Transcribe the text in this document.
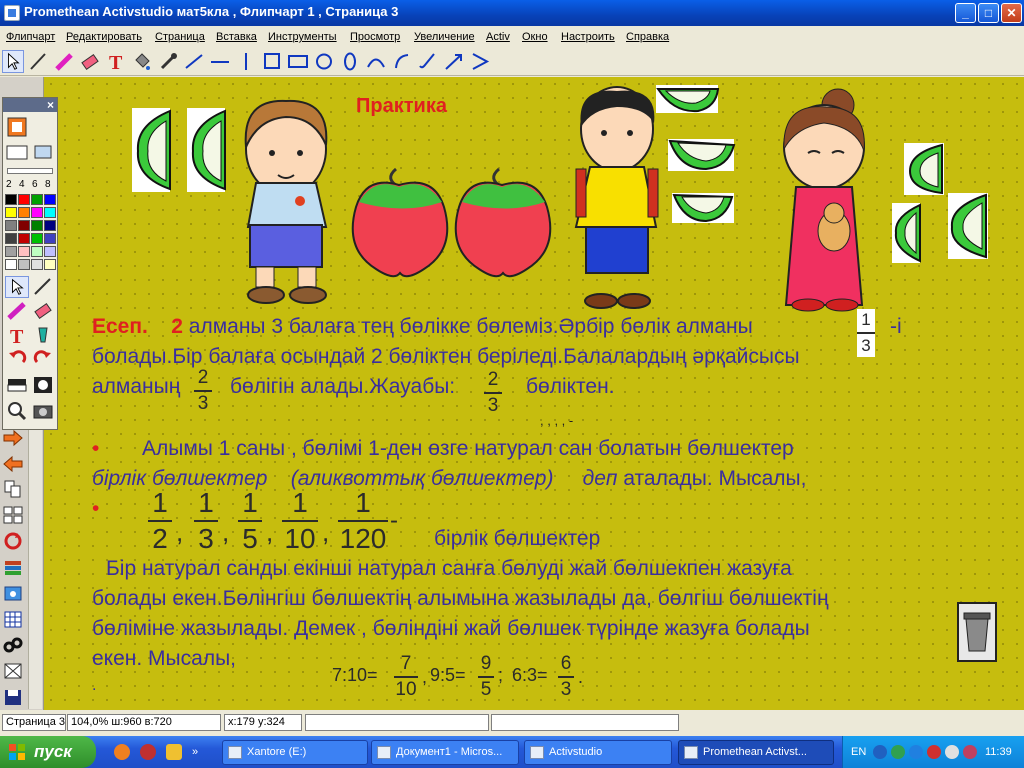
Promethean Activstudio мат5кла , Флипчарт 1 , Страница 3	_	□	✕
Флипчарт Редактировать Страница Вставка Инструменты Просмотр Увеличение Activ Окно Настроить Справка
T
Практика
Есеп. 2 алманы 3 балаға тең бөлікке бөлеміз.Әрбір бөлік алманы	1
3
-і
болады.Бір балаға осындай 2 бөліктен беріледі.Балалардың әрқайсысы
алманың 2
3
бөлігін алады.Жауабы: 2
3
бөліктен.
, , , , -
• Алымы 1 саны , бөлімі 1-ден өзге натурал сан болатын бөлшектер
бірлік бөлшектер (аликвоттық бөлшектер) деп аталады. Мысалы,
• 1
2 ,
1
3 ,
1
5 ,
1
10 ,
1
120
-
бірлік бөлшектер
Бір натурал санды екінші натурал санға бөлуді жай бөлшекпен жазуға
болады екен.Бөлінгіш бөлшектің алымына жазылады да, бөлгіш бөлшектің
бөліміне жазылады. Демек , бөліндіні жай бөлшек түрінде жазуға болады
екен. Мысалы,
.
7:10=
7
10
, 9:5=
9
5
; 6:3=
6
3
.
×
2 4 6 8
T
Страница 3 104,0% ш:960 в:720	x:179 y:324
пуск	»	Xantore (E:)	Документ1 - Micros...	Activstudio	Promethean Activst...	EN	11:39
